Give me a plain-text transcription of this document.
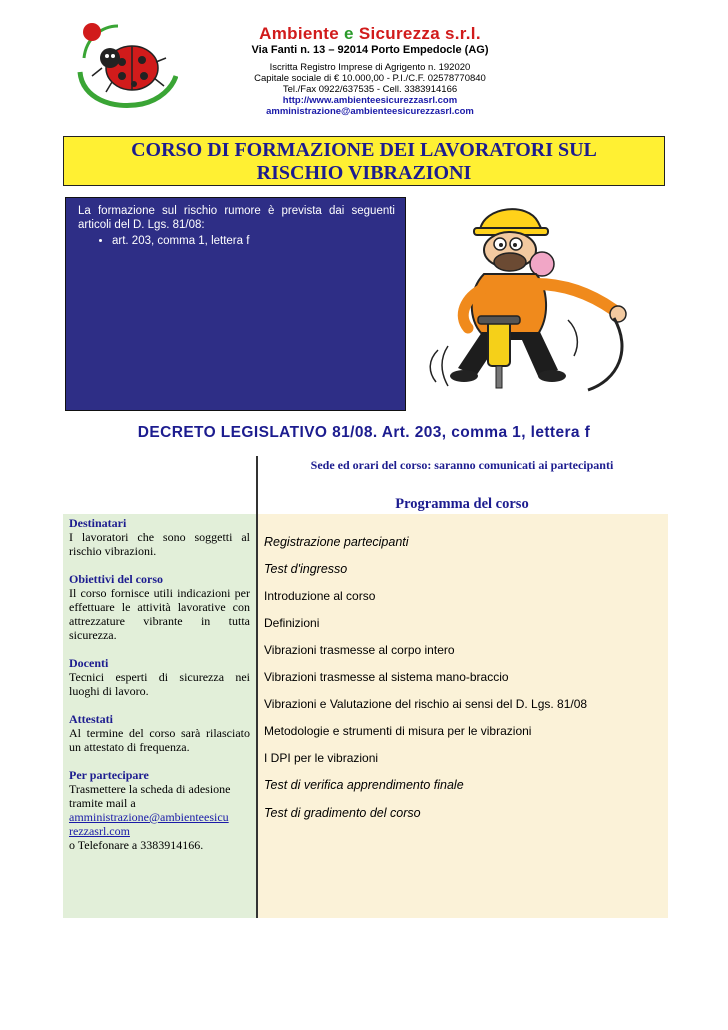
Ambiente e Sicurezza s.r.l.
Via Fanti n. 13 – 92014 Porto Empedocle (AG)
Iscritta Registro Imprese di Agrigento n. 192020
Capitale sociale di € 10.000,00 - P.I./C.F. 02578770840
Tel./Fax 0922/637535 - Cell. 3383914166
http://www.ambienteesicurezzasrl.com
amministrazione@ambienteesicurezzasrl.com
CORSO DI FORMAZIONE DEI LAVORATORI SUL
RISCHIO VIBRAZIONI

La formazione sul rischio rumore è prevista dai seguenti articoli del D. Lgs. 81/08:

• art. 203, comma 1, lettera f
DECRETO LEGISLATIVO 81/08. Art. 203, comma 1, lettera f
Sede ed orari del corso: saranno comunicati ai partecipanti
Programma del corso
Destinatari
I lavoratori che sono soggetti al rischio vibrazioni.
Obiettivi del corso
Il corso fornisce utili indicazioni per effettuare le attività lavorative con attrezzature vibrante in tutta sicurezza.
Docenti
Tecnici esperti di sicurezza nei luoghi di lavoro.
Attestati
Al termine del corso sarà rilasciato un attestato di frequenza.
Per partecipare
Trasmettere la scheda di adesione tramite mail a
amministrazione@ambienteesicu
rezzasrl.com
o Telefonare a 3383914166.
Registrazione partecipanti
Test d'ingresso
Introduzione al corso
Definizioni
Vibrazioni trasmesse al corpo intero
Vibrazioni trasmesse al sistema mano-braccio
Vibrazioni e Valutazione del rischio ai sensi del D. Lgs. 81/08
Metodologie e strumenti di misura per le vibrazioni
I DPI per le vibrazioni
Test di verifica apprendimento finale
Test di gradimento del corso
